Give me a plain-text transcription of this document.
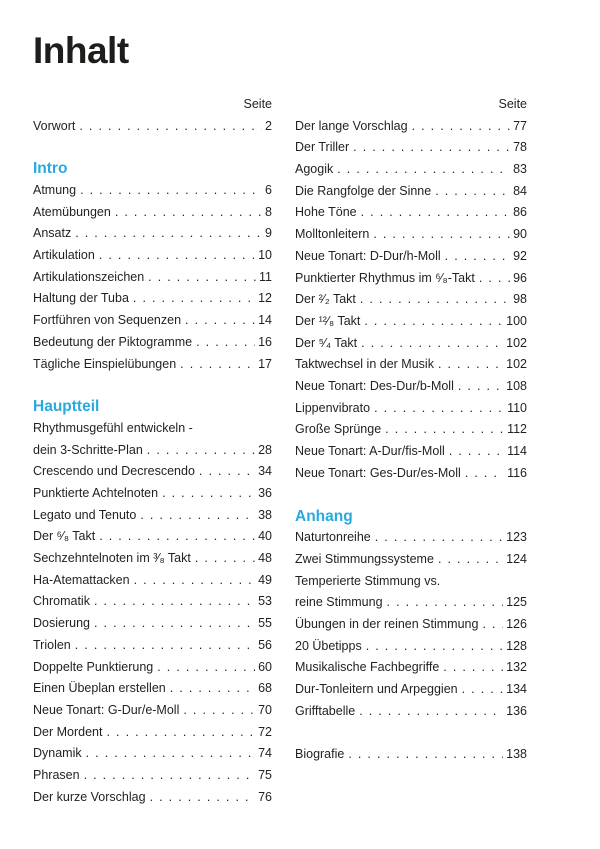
Inhalt
Seite
Vorwort . . .	2
Intro
Atmung . . .	6
Atemübungen . . .	8
Ansatz . . .	9
Artikulation . . .	10
Artikulationszeichen . . .	11
Haltung der Tuba . . .	12
Fortführen von Sequenzen . . .	14
Bedeutung der Piktogramme . . .	16
Tägliche Einspielübungen . . .	17
Hauptteil
Rhythmusgefühl entwickeln -
dein 3-Schritte-Plan . . .	28
Crescendo und Decrescendo . . .	34
Punktierte Achtelnoten . . .	36
Legato und Tenuto . . .	38
Der ⁶⁄₈ Takt . . .	40
Sechzehntelnoten im ³⁄₈ Takt . . .	48
Ha-Atemattacken . . .	49
Chromatik . . .	53
Dosierung . . .	55
Triolen . . .	56
Doppelte Punktierung . . .	60
Einen Übeplan erstellen . . .	68
Neue Tonart: G-Dur/e-Moll . . .	70
Der Mordent . . .	72
Dynamik . . .	74
Phrasen . . .	75
Der kurze Vorschlag . . .	76
Seite
Der lange Vorschlag . . .	77
Der Triller . . .	78
Agogik . . .	83
Die Rangfolge der Sinne . . .	84
Hohe Töne . . .	86
Molltonleitern . . .	90
Neue Tonart: D-Dur/h-Moll . . .	92
Punktierter Rhythmus im ⁶⁄₈-Takt . . .	96
Der ²⁄₂ Takt . . .	98
Der ¹²⁄₈ Takt . . .	100
Der ⁵⁄₄ Takt . . .	102
Taktwechsel in der Musik . . .	102
Neue Tonart: Des-Dur/b-Moll . . .	108
Lippenvibrato . . .	110
Große Sprünge . . .	112
Neue Tonart: A-Dur/fis-Moll . . .	114
Neue Tonart: Ges-Dur/es-Moll . . .	116
Anhang
Naturtonreihe . . .	123
Zwei Stimmungssysteme . . .	124
Temperierte Stimmung vs.
reine Stimmung . . .	125
Übungen in der reinen Stimmung . . . 126
20 Übetipps . . .	128
Musikalische Fachbegriffe . . .	132
Dur-Tonleitern und Arpeggien . . .	134
Grifftabelle . . .	136
Biografie . . .	138
